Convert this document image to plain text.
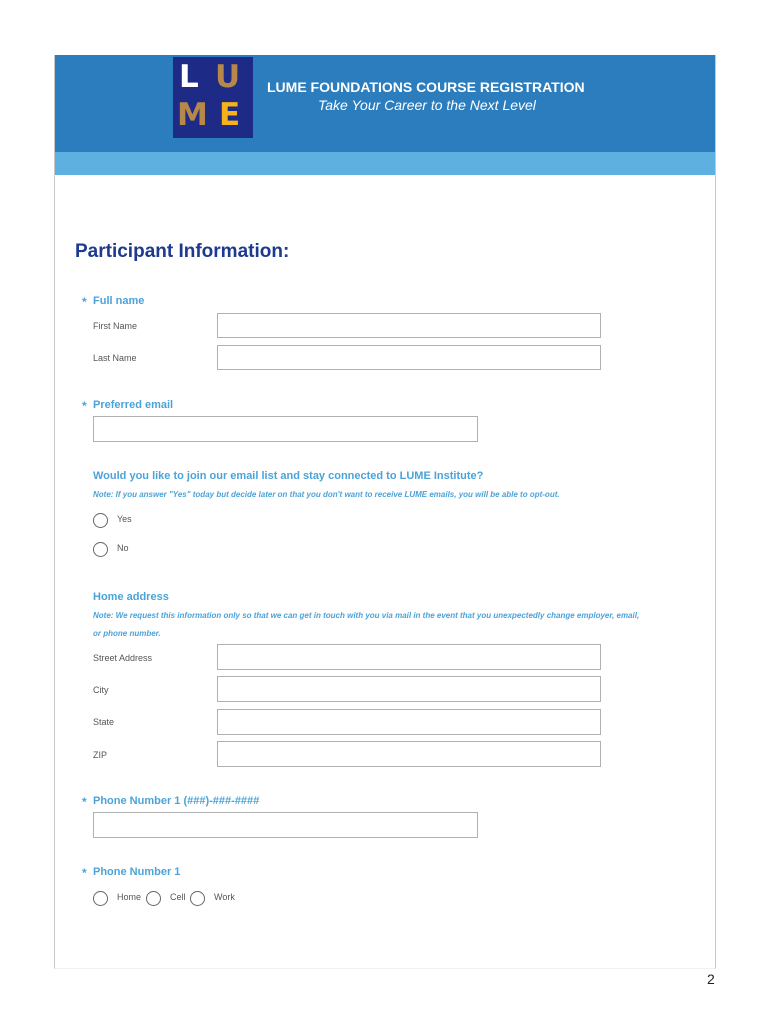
L U
M E
LUME FOUNDATIONS COURSE REGISTRATION
Take Your Career to the Next Level
Participant Information:
* Full name
First Name
Last Name
* Preferred email
Would you like to join our email list and stay connected to LUME Institute?
Note: If you answer "Yes" today but decide later on that you don't want to receive LUME emails, you will be able to opt-out.
Yes
No
Home address
Note: We request this information only so that we can get in touch with you via mail in the event that you unexpectedly change employer, email,
or phone number.
Street Address
City
State
ZIP
* Phone Number 1 (###)-###-####
* Phone Number 1
Home	Cell	Work
2
